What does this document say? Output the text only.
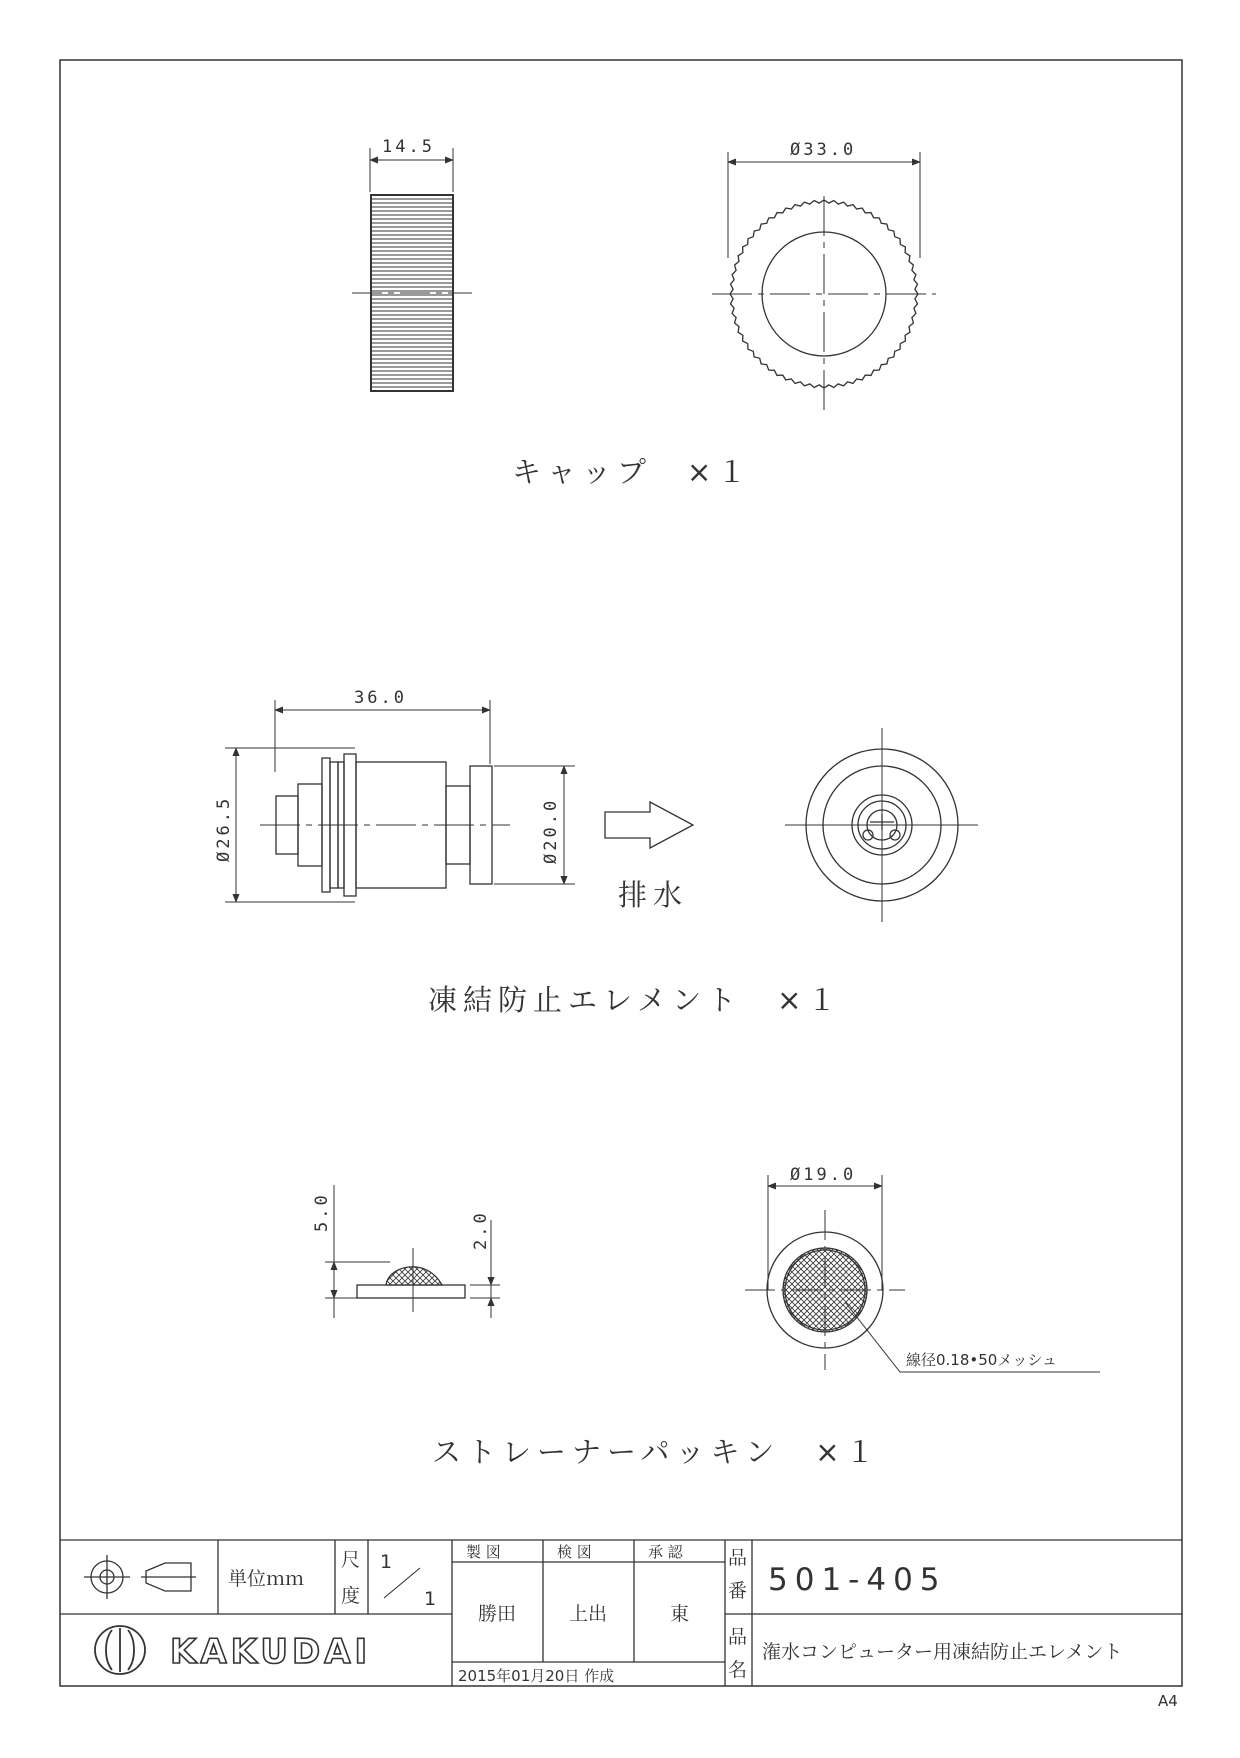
14.5	Ø33.0
キャップ　×１
36.0
Ø26.5	Ø20.0
排水
凍結防止エレメント　×１
5.0	2.0
Ø19.0
線径0.18•50メッシュ
ストレーナーパッキン　×１
単位ｍｍ
尺
度
1
1
製 図	検 図	承 認
勝田	上出	東
2015年01月20日 作成
品
番 501-405
品
名
潅水コンピューター用凍結防止エレメント
KAKUDAI
A4
